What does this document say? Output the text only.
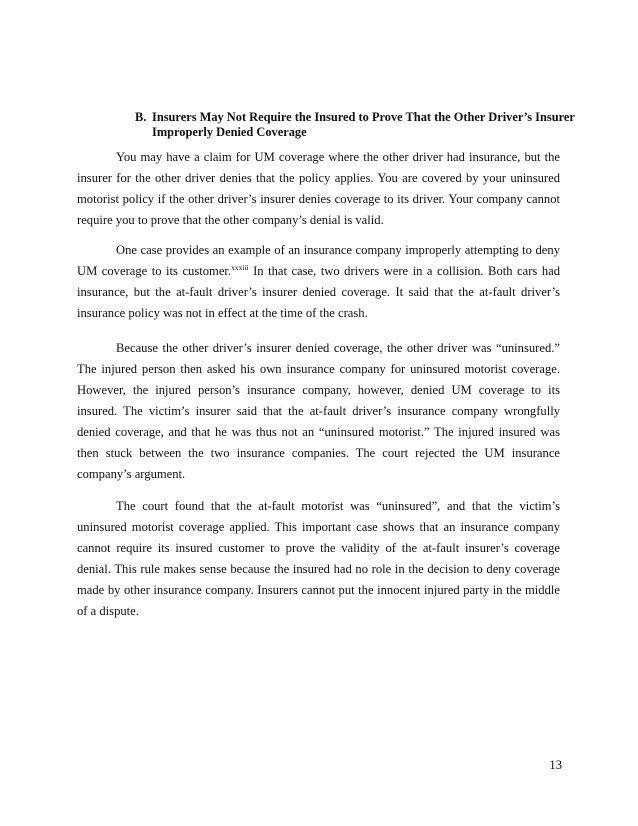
B. Insurers May Not Require the Insured to Prove That the Other Driver’s Insurer Improperly Denied Coverage

You may have a claim for UM coverage where the other driver had insurance, but the insurer for the other driver denies that the policy applies. You are covered by your uninsured motorist policy if the other driver’s insurer denies coverage to its driver. Your company cannot require you to prove that the other company’s denial is valid.

One case provides an example of an insurance company improperly attempting to deny UM coverage to its customer.$^{xxxiii}$ In that case, two drivers were in a collision. Both cars had insurance, but the at-fault driver’s insurer denied coverage. It said that the at-fault driver’s insurance policy was not in effect at the time of the crash.

Because the other driver’s insurer denied coverage, the other driver was “uninsured.” The injured person then asked his own insurance company for uninsured motorist coverage. However, the injured person’s insurance company, however, denied UM coverage to its insured. The victim’s insurer said that the at-fault driver’s insurance company wrongfully denied coverage, and that he was thus not an “uninsured motorist.” The injured insured was then stuck between the two insurance companies. The court rejected the UM insurance company’s argument.

The court found that the at-fault motorist was “uninsured”, and that the victim’s uninsured motorist coverage applied. This important case shows that an insurance company cannot require its insured customer to prove the validity of the at-fault insurer’s coverage denial. This rule makes sense because the insured had no role in the decision to deny coverage made by other insurance company. Insurers cannot put the innocent injured party in the middle of a dispute.

13
